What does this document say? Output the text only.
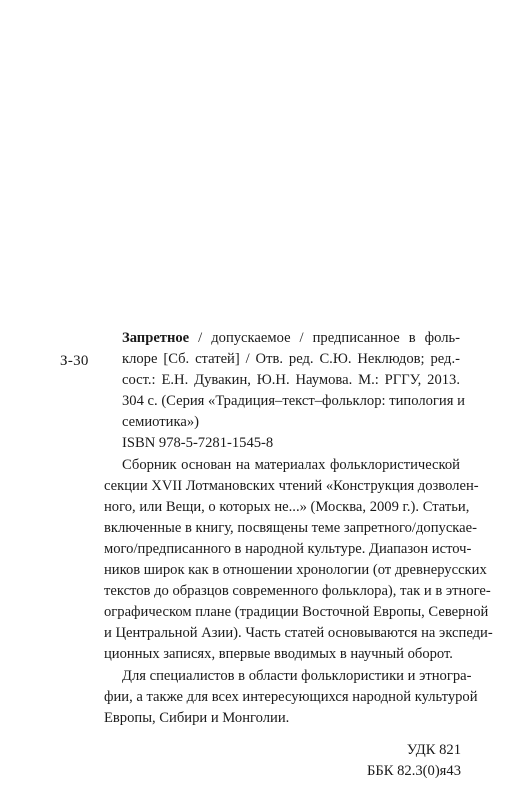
З-30
Запретное / допускаемое / предписанное в фоль-
клоре [Сб. статей] / Отв. ред. С.Ю. Неклюдов; ред.-
сост.: Е.Н. Дувакин, Ю.Н. Наумова. М.: РГГУ, 2013.
304 с. (Серия «Традиция–текст–фольклор: типология и
семиотика»)
ISBN 978-5-7281-1545-8
Сборник основан на материалах фольклористической
секции XVII Лотмановских чтений «Конструкция дозволен-
ного, или Вещи, о которых не...» (Москва, 2009 г.). Статьи,
включенные в книгу, посвящены теме запретного/допускае-
мого/предписанного в народной культуре. Диапазон источ-
ников широк как в отношении хронологии (от древнерусских
текстов до образцов современного фольклора), так и в этноге-
ографическом плане (традиции Восточной Европы, Северной
и Центральной Азии). Часть статей основываются на экспеди-
ционных записях, впервые вводимых в научный оборот.
Для специалистов в области фольклористики и этногра-
фии, а также для всех интересующихся народной культурой
Европы, Сибири и Монголии.
УДК 821
ББК 82.3(0)я43
